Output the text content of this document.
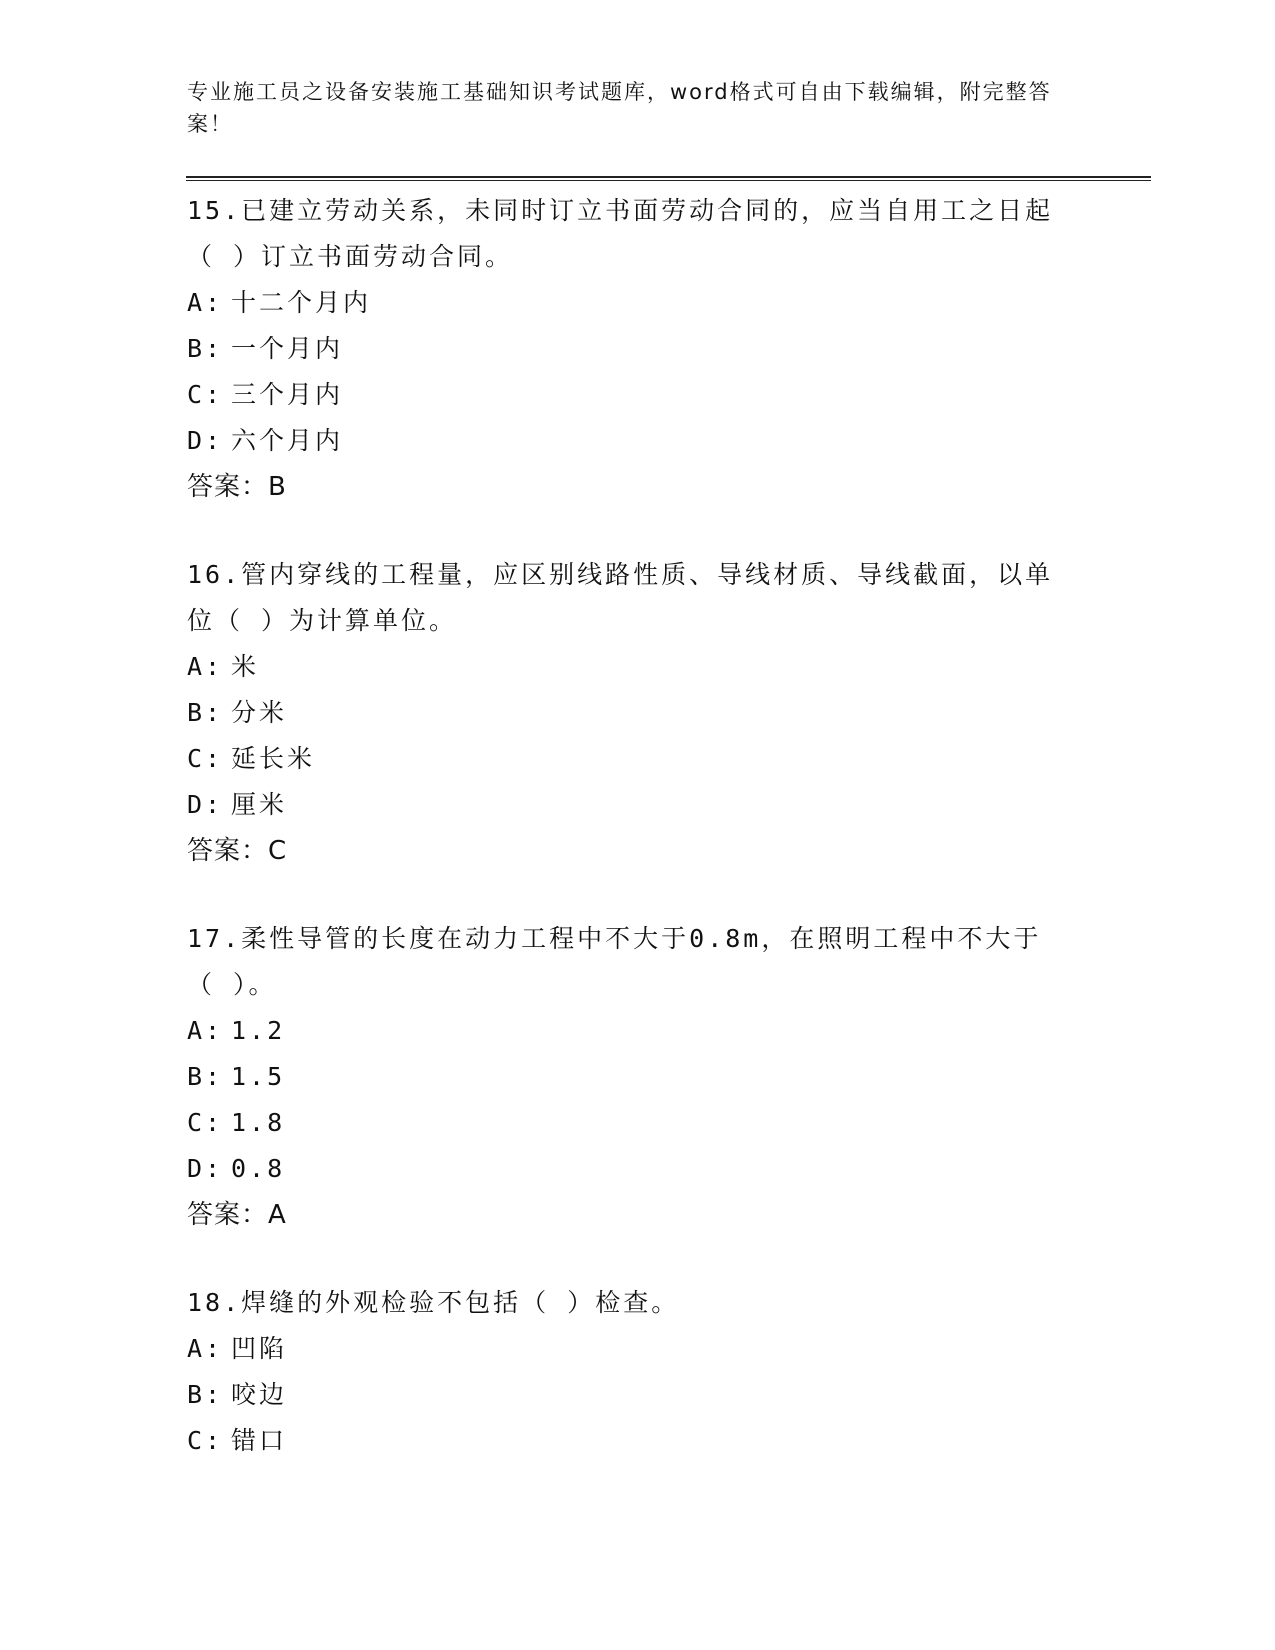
专业施工员之设备安装施工基础知识考试题库，word格式可自由下载编辑，附完整答案！
15.已建立劳动关系，未同时订立书面劳动合同的，应当自用工之日起（ ）订立书面劳动合同。
A: 十二个月内
B: 一个月内
C: 三个月内
D: 六个月内
答案：B
16.管内穿线的工程量，应区别线路性质、导线材质、导线截面，以单位（ ）为计算单位。
A: 米
B: 分米
C: 延长米
D: 厘米
答案：C
17.柔性导管的长度在动力工程中不大于0.8m，在照明工程中不大于（ ）。
A: 1.2
B: 1.5
C: 1.8
D: 0.8
答案：A
18.焊缝的外观检验不包括（ ）检查。
A: 凹陷
B: 咬边
C: 错口
